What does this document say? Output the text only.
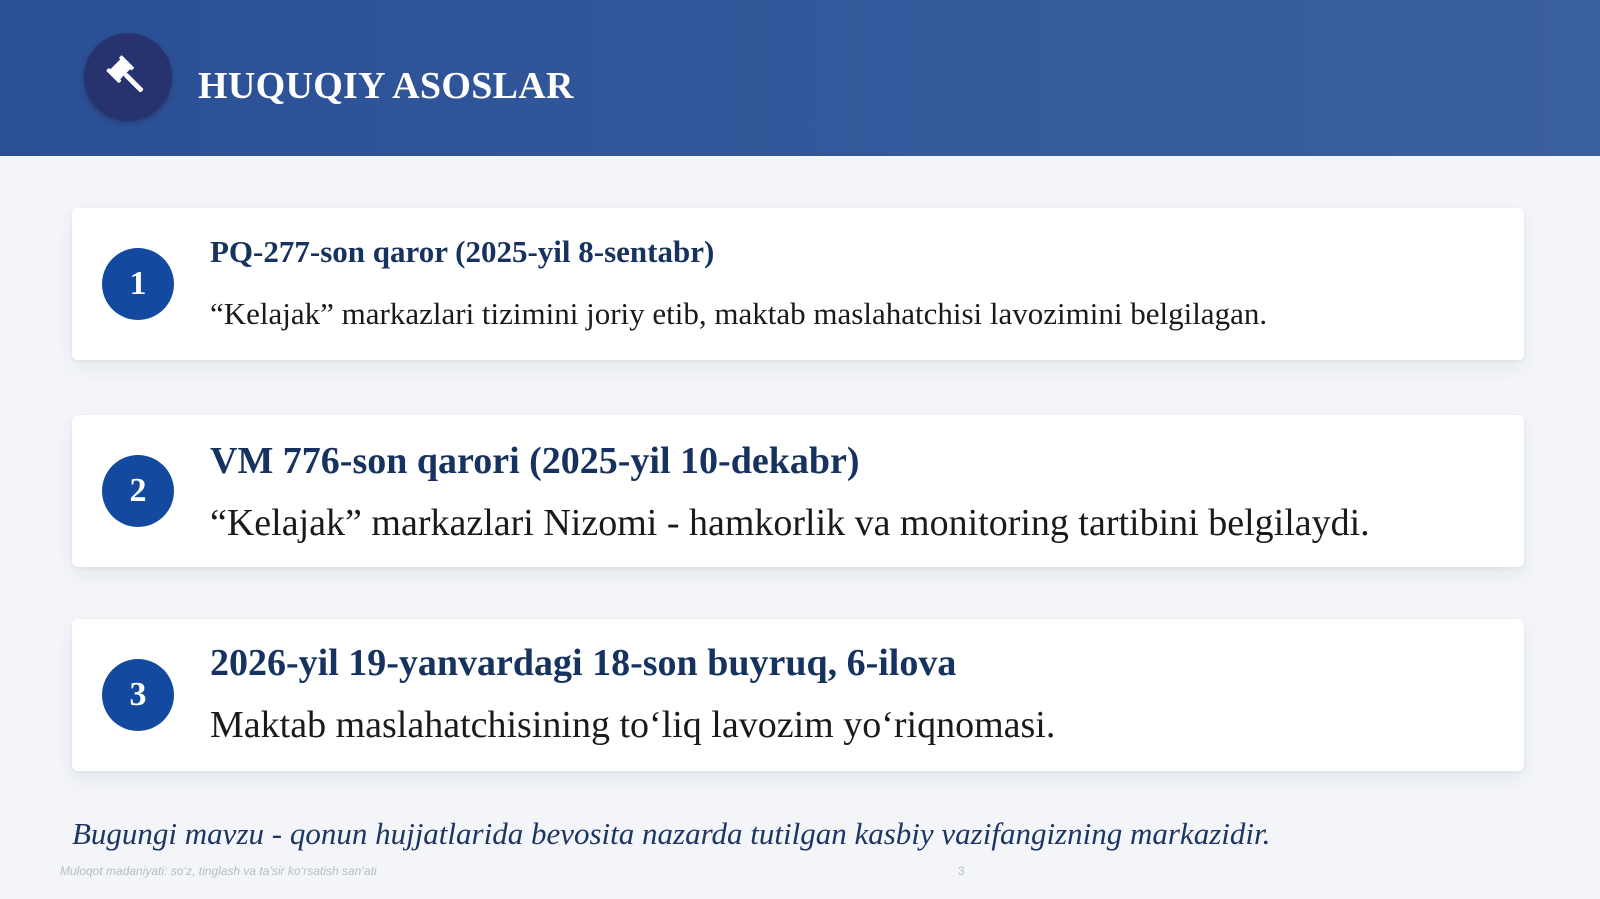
HUQUQIY ASOSLAR
1
PQ-277-son qaror (2025-yil 8-sentabr)
“Kelajak” markazlari tizimini joriy etib, maktab maslahatchisi lavozimini belgilagan.
2
VM 776-son qarori (2025-yil 10-dekabr)
“Kelajak” markazlari Nizomi - hamkorlik va monitoring tartibini belgilaydi.
3
2026-yil 19-yanvardagi 18-son buyruq, 6-ilova
Maktab maslahatchisining to‘liq lavozim yo‘riqnomasi.
Bugungi mavzu - qonun hujjatlarida bevosita nazarda tutilgan kasbiy vazifangizning markazidir.
Muloqot madaniyati: so‘z, tinglash va ta’sir ko‘rsatish san’ati	3
